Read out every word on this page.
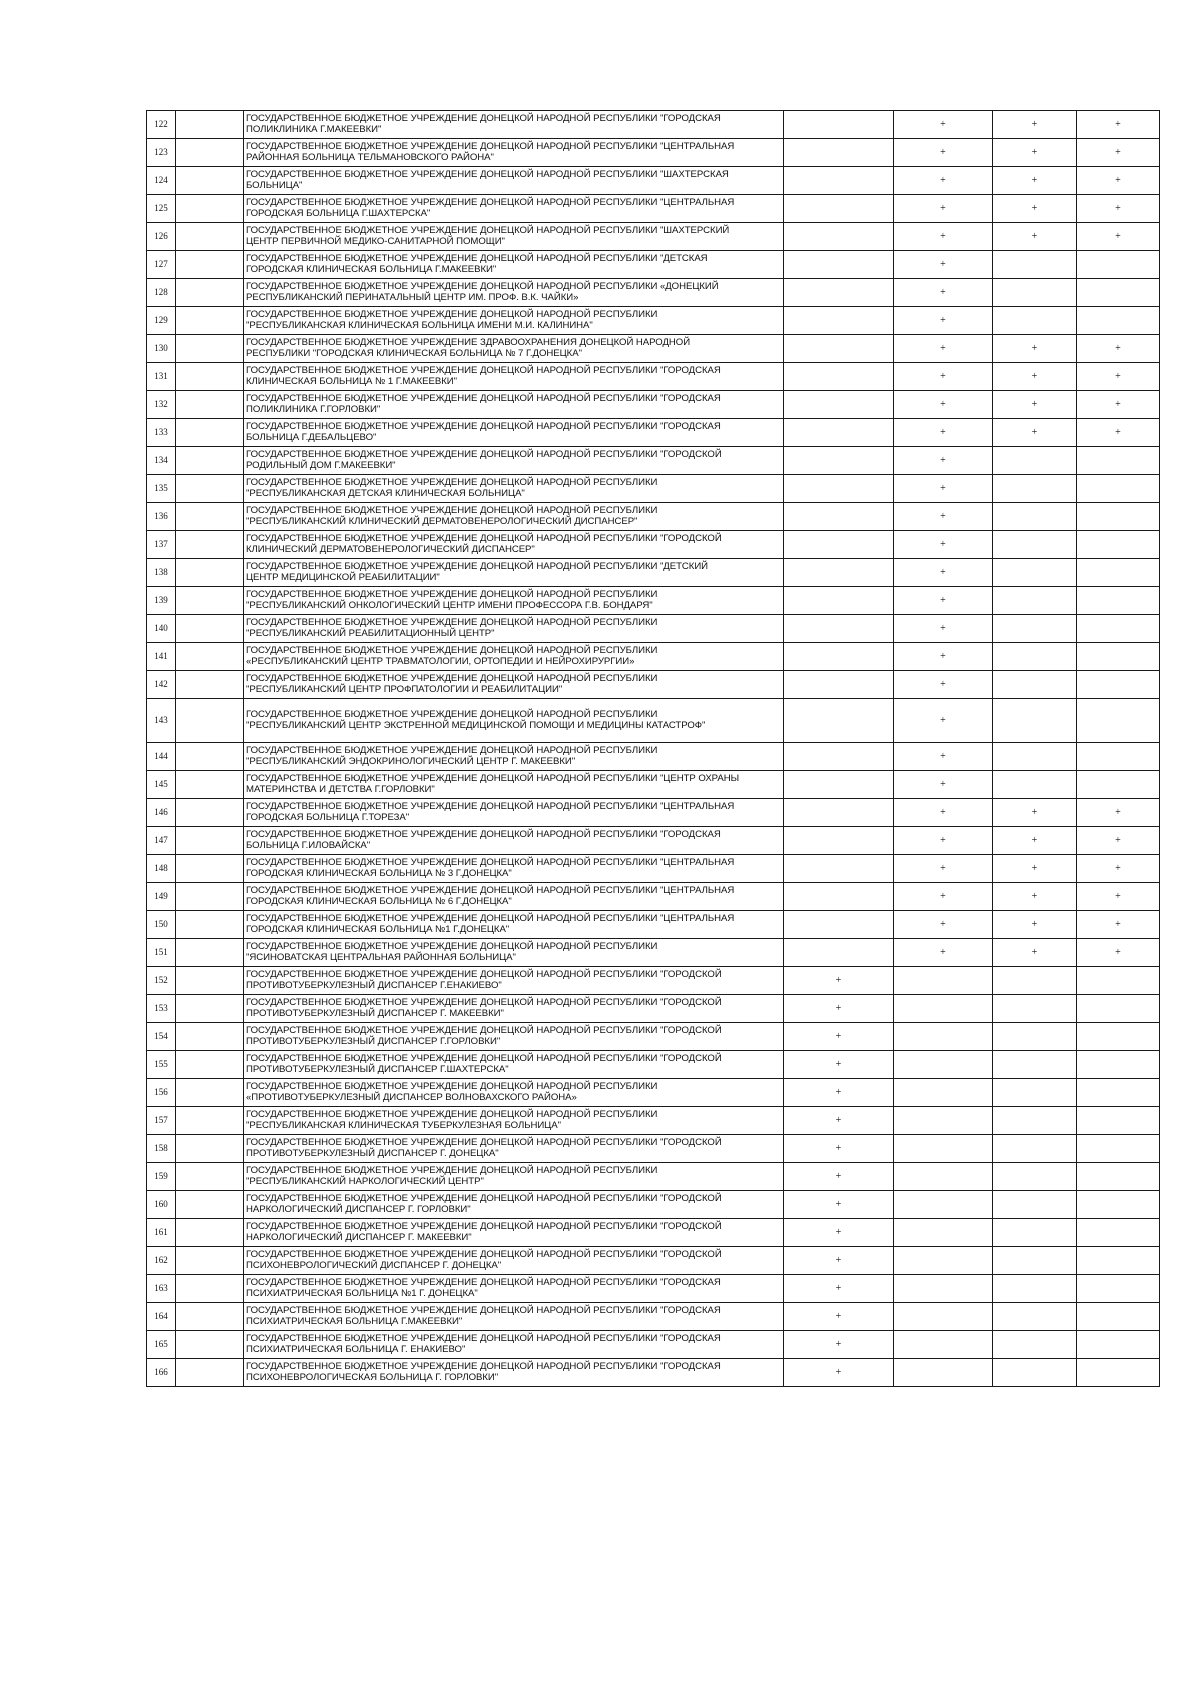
122		ГОСУДАРСТВЕННОЕ БЮДЖЕТНОЕ УЧРЕЖДЕНИЕ ДОНЕЦКОЙ НАРОДНОЙ РЕСПУБЛИКИ "ГОРОДСКАЯ
ПОЛИКЛИНИКА Г.МАКЕЕВКИ"		+	+	+
123		ГОСУДАРСТВЕННОЕ БЮДЖЕТНОЕ УЧРЕЖДЕНИЕ ДОНЕЦКОЙ НАРОДНОЙ РЕСПУБЛИКИ "ЦЕНТРАЛЬНАЯ
РАЙОННАЯ БОЛЬНИЦА ТЕЛЬМАНОВСКОГО РАЙОНА"		+	+	+
124		ГОСУДАРСТВЕННОЕ БЮДЖЕТНОЕ УЧРЕЖДЕНИЕ ДОНЕЦКОЙ НАРОДНОЙ РЕСПУБЛИКИ "ШАХТЕРСКАЯ
БОЛЬНИЦА"		+	+	+
125		ГОСУДАРСТВЕННОЕ БЮДЖЕТНОЕ УЧРЕЖДЕНИЕ ДОНЕЦКОЙ НАРОДНОЙ РЕСПУБЛИКИ "ЦЕНТРАЛЬНАЯ
ГОРОДСКАЯ БОЛЬНИЦА Г.ШАХТЕРСКА"		+	+	+
126		ГОСУДАРСТВЕННОЕ БЮДЖЕТНОЕ УЧРЕЖДЕНИЕ ДОНЕЦКОЙ НАРОДНОЙ РЕСПУБЛИКИ "ШАХТЕРСКИЙ
ЦЕНТР ПЕРВИЧНОЙ МЕДИКО-САНИТАРНОЙ ПОМОЩИ"		+	+	+
127		ГОСУДАРСТВЕННОЕ БЮДЖЕТНОЕ УЧРЕЖДЕНИЕ ДОНЕЦКОЙ НАРОДНОЙ РЕСПУБЛИКИ "ДЕТСКАЯ
ГОРОДСКАЯ КЛИНИЧЕСКАЯ БОЛЬНИЦА Г.МАКЕЕВКИ"		+		
128		ГОСУДАРСТВЕННОЕ БЮДЖЕТНОЕ УЧРЕЖДЕНИЕ ДОНЕЦКОЙ НАРОДНОЙ РЕСПУБЛИКИ «ДОНЕЦКИЙ
РЕСПУБЛИКАНСКИЙ ПЕРИНАТАЛЬНЫЙ ЦЕНТР ИМ. ПРОФ. В.К. ЧАЙКИ»		+		
129		ГОСУДАРСТВЕННОЕ БЮДЖЕТНОЕ УЧРЕЖДЕНИЕ ДОНЕЦКОЙ НАРОДНОЙ РЕСПУБЛИКИ
"РЕСПУБЛИКАНСКАЯ КЛИНИЧЕСКАЯ БОЛЬНИЦА ИМЕНИ М.И. КАЛИНИНА"		+		
130		ГОСУДАРСТВЕННОЕ БЮДЖЕТНОЕ УЧРЕЖДЕНИЕ ЗДРАВООХРАНЕНИЯ ДОНЕЦКОЙ НАРОДНОЙ
РЕСПУБЛИКИ "ГОРОДСКАЯ КЛИНИЧЕСКАЯ БОЛЬНИЦА № 7 Г.ДОНЕЦКА"		+	+	+
131		ГОСУДАРСТВЕННОЕ БЮДЖЕТНОЕ УЧРЕЖДЕНИЕ ДОНЕЦКОЙ НАРОДНОЙ РЕСПУБЛИКИ "ГОРОДСКАЯ
КЛИНИЧЕСКАЯ БОЛЬНИЦА № 1 Г.МАКЕЕВКИ"		+	+	+
132		ГОСУДАРСТВЕННОЕ БЮДЖЕТНОЕ УЧРЕЖДЕНИЕ ДОНЕЦКОЙ НАРОДНОЙ РЕСПУБЛИКИ "ГОРОДСКАЯ
ПОЛИКЛИНИКА Г.ГОРЛОВКИ"		+	+	+
133		ГОСУДАРСТВЕННОЕ БЮДЖЕТНОЕ УЧРЕЖДЕНИЕ ДОНЕЦКОЙ НАРОДНОЙ РЕСПУБЛИКИ "ГОРОДСКАЯ
БОЛЬНИЦА Г.ДЕБАЛЬЦЕВО"		+	+	+
134		ГОСУДАРСТВЕННОЕ БЮДЖЕТНОЕ УЧРЕЖДЕНИЕ ДОНЕЦКОЙ НАРОДНОЙ РЕСПУБЛИКИ "ГОРОДСКОЙ
РОДИЛЬНЫЙ ДОМ Г.МАКЕЕВКИ"		+		
135		ГОСУДАРСТВЕННОЕ БЮДЖЕТНОЕ УЧРЕЖДЕНИЕ ДОНЕЦКОЙ НАРОДНОЙ РЕСПУБЛИКИ
"РЕСПУБЛИКАНСКАЯ ДЕТСКАЯ КЛИНИЧЕСКАЯ БОЛЬНИЦА"		+		
136		ГОСУДАРСТВЕННОЕ БЮДЖЕТНОЕ УЧРЕЖДЕНИЕ ДОНЕЦКОЙ НАРОДНОЙ РЕСПУБЛИКИ
"РЕСПУБЛИКАНСКИЙ КЛИНИЧЕСКИЙ ДЕРМАТОВЕНЕРОЛОГИЧЕСКИЙ ДИСПАНСЕР"		+		
137		ГОСУДАРСТВЕННОЕ БЮДЖЕТНОЕ УЧРЕЖДЕНИЕ ДОНЕЦКОЙ НАРОДНОЙ РЕСПУБЛИКИ "ГОРОДСКОЙ
КЛИНИЧЕСКИЙ ДЕРМАТОВЕНЕРОЛОГИЧЕСКИЙ ДИСПАНСЕР"		+		
138		ГОСУДАРСТВЕННОЕ БЮДЖЕТНОЕ УЧРЕЖДЕНИЕ ДОНЕЦКОЙ НАРОДНОЙ РЕСПУБЛИКИ "ДЕТСКИЙ
ЦЕНТР МЕДИЦИНСКОЙ РЕАБИЛИТАЦИИ"		+		
139		ГОСУДАРСТВЕННОЕ БЮДЖЕТНОЕ УЧРЕЖДЕНИЕ ДОНЕЦКОЙ НАРОДНОЙ РЕСПУБЛИКИ
"РЕСПУБЛИКАНСКИЙ ОНКОЛОГИЧЕСКИЙ ЦЕНТР ИМЕНИ ПРОФЕССОРА Г.В. БОНДАРЯ"		+		
140		ГОСУДАРСТВЕННОЕ БЮДЖЕТНОЕ УЧРЕЖДЕНИЕ ДОНЕЦКОЙ НАРОДНОЙ РЕСПУБЛИКИ
"РЕСПУБЛИКАНСКИЙ РЕАБИЛИТАЦИОННЫЙ ЦЕНТР"		+		
141		ГОСУДАРСТВЕННОЕ БЮДЖЕТНОЕ УЧРЕЖДЕНИЕ ДОНЕЦКОЙ НАРОДНОЙ РЕСПУБЛИКИ
«РЕСПУБЛИКАНСКИЙ ЦЕНТР ТРАВМАТОЛОГИИ, ОРТОПЕДИИ И НЕЙРОХИРУРГИИ»		+		
142		ГОСУДАРСТВЕННОЕ БЮДЖЕТНОЕ УЧРЕЖДЕНИЕ ДОНЕЦКОЙ НАРОДНОЙ РЕСПУБЛИКИ
"РЕСПУБЛИКАНСКИЙ ЦЕНТР ПРОФПАТОЛОГИИ И РЕАБИЛИТАЦИИ"		+		
143		ГОСУДАРСТВЕННОЕ БЮДЖЕТНОЕ УЧРЕЖДЕНИЕ ДОНЕЦКОЙ НАРОДНОЙ РЕСПУБЛИКИ
"РЕСПУБЛИКАНСКИЙ ЦЕНТР ЭКСТРЕННОЙ МЕДИЦИНСКОЙ ПОМОЩИ И МЕДИЦИНЫ КАТАСТРОФ"		+		
144		ГОСУДАРСТВЕННОЕ БЮДЖЕТНОЕ УЧРЕЖДЕНИЕ ДОНЕЦКОЙ НАРОДНОЙ РЕСПУБЛИКИ
"РЕСПУБЛИКАНСКИЙ ЭНДОКРИНОЛОГИЧЕСКИЙ ЦЕНТР Г. МАКЕЕВКИ"		+		
145		ГОСУДАРСТВЕННОЕ БЮДЖЕТНОЕ УЧРЕЖДЕНИЕ ДОНЕЦКОЙ НАРОДНОЙ РЕСПУБЛИКИ "ЦЕНТР ОХРАНЫ
МАТЕРИНСТВА И ДЕТСТВА Г.ГОРЛОВКИ"		+		
146		ГОСУДАРСТВЕННОЕ БЮДЖЕТНОЕ УЧРЕЖДЕНИЕ ДОНЕЦКОЙ НАРОДНОЙ РЕСПУБЛИКИ "ЦЕНТРАЛЬНАЯ
ГОРОДСКАЯ БОЛЬНИЦА Г.ТОРЕЗА"		+	+	+
147		ГОСУДАРСТВЕННОЕ БЮДЖЕТНОЕ УЧРЕЖДЕНИЕ ДОНЕЦКОЙ НАРОДНОЙ РЕСПУБЛИКИ "ГОРОДСКАЯ
БОЛЬНИЦА Г.ИЛОВАЙСКА"		+	+	+
148		ГОСУДАРСТВЕННОЕ БЮДЖЕТНОЕ УЧРЕЖДЕНИЕ ДОНЕЦКОЙ НАРОДНОЙ РЕСПУБЛИКИ "ЦЕНТРАЛЬНАЯ
ГОРОДСКАЯ КЛИНИЧЕСКАЯ БОЛЬНИЦА № 3 Г.ДОНЕЦКА"		+	+	+
149		ГОСУДАРСТВЕННОЕ БЮДЖЕТНОЕ УЧРЕЖДЕНИЕ ДОНЕЦКОЙ НАРОДНОЙ РЕСПУБЛИКИ "ЦЕНТРАЛЬНАЯ
ГОРОДСКАЯ КЛИНИЧЕСКАЯ БОЛЬНИЦА № 6 Г.ДОНЕЦКА"		+	+	+
150		ГОСУДАРСТВЕННОЕ БЮДЖЕТНОЕ УЧРЕЖДЕНИЕ ДОНЕЦКОЙ НАРОДНОЙ РЕСПУБЛИКИ "ЦЕНТРАЛЬНАЯ
ГОРОДСКАЯ КЛИНИЧЕСКАЯ БОЛЬНИЦА №1 Г.ДОНЕЦКА"		+	+	+
151		ГОСУДАРСТВЕННОЕ БЮДЖЕТНОЕ УЧРЕЖДЕНИЕ ДОНЕЦКОЙ НАРОДНОЙ РЕСПУБЛИКИ
"ЯСИНОВАТСКАЯ ЦЕНТРАЛЬНАЯ РАЙОННАЯ БОЛЬНИЦА"		+	+	+
152		ГОСУДАРСТВЕННОЕ БЮДЖЕТНОЕ УЧРЕЖДЕНИЕ ДОНЕЦКОЙ НАРОДНОЙ РЕСПУБЛИКИ "ГОРОДСКОЙ
ПРОТИВОТУБЕРКУЛЕЗНЫЙ ДИСПАНСЕР Г.ЕНАКИЕВО"	+			
153		ГОСУДАРСТВЕННОЕ БЮДЖЕТНОЕ УЧРЕЖДЕНИЕ ДОНЕЦКОЙ НАРОДНОЙ РЕСПУБЛИКИ "ГОРОДСКОЙ
ПРОТИВОТУБЕРКУЛЕЗНЫЙ ДИСПАНСЕР Г. МАКЕЕВКИ"	+			
154		ГОСУДАРСТВЕННОЕ БЮДЖЕТНОЕ УЧРЕЖДЕНИЕ ДОНЕЦКОЙ НАРОДНОЙ РЕСПУБЛИКИ "ГОРОДСКОЙ
ПРОТИВОТУБЕРКУЛЕЗНЫЙ ДИСПАНСЕР Г.ГОРЛОВКИ"	+			
155		ГОСУДАРСТВЕННОЕ БЮДЖЕТНОЕ УЧРЕЖДЕНИЕ ДОНЕЦКОЙ НАРОДНОЙ РЕСПУБЛИКИ "ГОРОДСКОЙ
ПРОТИВОТУБЕРКУЛЕЗНЫЙ ДИСПАНСЕР Г.ШАХТЕРСКА"	+			
156		ГОСУДАРСТВЕННОЕ БЮДЖЕТНОЕ УЧРЕЖДЕНИЕ ДОНЕЦКОЙ НАРОДНОЙ РЕСПУБЛИКИ
«ПРОТИВОТУБЕРКУЛЕЗНЫЙ ДИСПАНСЕР ВОЛНОВАХСКОГО РАЙОНА»	+			
157		ГОСУДАРСТВЕННОЕ БЮДЖЕТНОЕ УЧРЕЖДЕНИЕ ДОНЕЦКОЙ НАРОДНОЙ РЕСПУБЛИКИ
"РЕСПУБЛИКАНСКАЯ КЛИНИЧЕСКАЯ ТУБЕРКУЛЕЗНАЯ БОЛЬНИЦА"	+			
158		ГОСУДАРСТВЕННОЕ БЮДЖЕТНОЕ УЧРЕЖДЕНИЕ ДОНЕЦКОЙ НАРОДНОЙ РЕСПУБЛИКИ "ГОРОДСКОЙ
ПРОТИВОТУБЕРКУЛЕЗНЫЙ ДИСПАНСЕР Г. ДОНЕЦКА"	+			
159		ГОСУДАРСТВЕННОЕ БЮДЖЕТНОЕ УЧРЕЖДЕНИЕ ДОНЕЦКОЙ НАРОДНОЙ РЕСПУБЛИКИ
"РЕСПУБЛИКАНСКИЙ НАРКОЛОГИЧЕСКИЙ ЦЕНТР"	+			
160		ГОСУДАРСТВЕННОЕ БЮДЖЕТНОЕ УЧРЕЖДЕНИЕ ДОНЕЦКОЙ НАРОДНОЙ РЕСПУБЛИКИ "ГОРОДСКОЙ
НАРКОЛОГИЧЕСКИЙ ДИСПАНСЕР Г. ГОРЛОВКИ"	+			
161		ГОСУДАРСТВЕННОЕ БЮДЖЕТНОЕ УЧРЕЖДЕНИЕ ДОНЕЦКОЙ НАРОДНОЙ РЕСПУБЛИКИ "ГОРОДСКОЙ
НАРКОЛОГИЧЕСКИЙ ДИСПАНСЕР Г. МАКЕЕВКИ"	+			
162		ГОСУДАРСТВЕННОЕ БЮДЖЕТНОЕ УЧРЕЖДЕНИЕ ДОНЕЦКОЙ НАРОДНОЙ РЕСПУБЛИКИ "ГОРОДСКОЙ
ПСИХОНЕВРОЛОГИЧЕСКИЙ ДИСПАНСЕР Г. ДОНЕЦКА"	+			
163		ГОСУДАРСТВЕННОЕ БЮДЖЕТНОЕ УЧРЕЖДЕНИЕ ДОНЕЦКОЙ НАРОДНОЙ РЕСПУБЛИКИ "ГОРОДСКАЯ
ПСИХИАТРИЧЕСКАЯ БОЛЬНИЦА №1 Г. ДОНЕЦКА"	+			
164		ГОСУДАРСТВЕННОЕ БЮДЖЕТНОЕ УЧРЕЖДЕНИЕ ДОНЕЦКОЙ НАРОДНОЙ РЕСПУБЛИКИ "ГОРОДСКАЯ
ПСИХИАТРИЧЕСКАЯ БОЛЬНИЦА Г.МАКЕЕВКИ"	+			
165		ГОСУДАРСТВЕННОЕ БЮДЖЕТНОЕ УЧРЕЖДЕНИЕ ДОНЕЦКОЙ НАРОДНОЙ РЕСПУБЛИКИ "ГОРОДСКАЯ
ПСИХИАТРИЧЕСКАЯ БОЛЬНИЦА Г. ЕНАКИЕВО"	+			
166		ГОСУДАРСТВЕННОЕ БЮДЖЕТНОЕ УЧРЕЖДЕНИЕ ДОНЕЦКОЙ НАРОДНОЙ РЕСПУБЛИКИ "ГОРОДСКАЯ
ПСИХОНЕВРОЛОГИЧЕСКАЯ БОЛЬНИЦА Г. ГОРЛОВКИ"	+			
